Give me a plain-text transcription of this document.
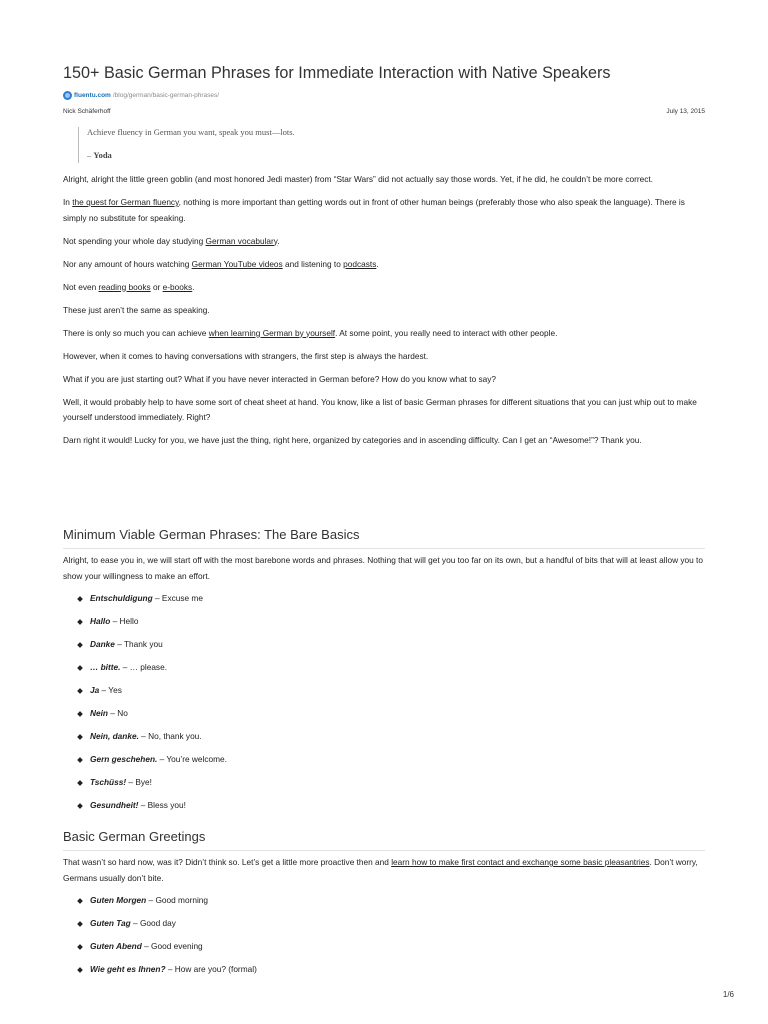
150+ Basic German Phrases for Immediate Interaction with Native Speakers
fluentu.com /blog/german/basic-german-phrases/
Nick Schäferhoff	July 13, 2015

Achieve fluency in German you want, speak you must—lots.

– Yoda

Alright, alright the little green goblin (and most honored Jedi master) from “Star Wars” did not actually say those words. Yet, if he did, he couldn’t be more correct.

In the quest for German fluency, nothing is more important than getting words out in front of other human beings (preferably those who also speak the language). There is simply no substitute for speaking.

Not spending your whole day studying German vocabulary.

Nor any amount of hours watching German YouTube videos and listening to podcasts.

Not even reading books or e-books.

These just aren’t the same as speaking.

There is only so much you can achieve when learning German by yourself. At some point, you really need to interact with other people.

However, when it comes to having conversations with strangers, the first step is always the hardest.

What if you are just starting out? What if you have never interacted in German before? How do you know what to say?

Well, it would probably help to have some sort of cheat sheet at hand. You know, like a list of basic German phrases for different situations that you can just whip out to make yourself understood immediately. Right?

Darn right it would! Lucky for you, we have just the thing, right here, organized by categories and in ascending difficulty. Can I get an “Awesome!”? Thank you.

Minimum Viable German Phrases: The Bare Basics

Alright, to ease you in, we will start off with the most barebone words and phrases. Nothing that will get you too far on its own, but a handful of bits that will at least allow you to show your willingness to make an effort.

Entschuldigung – Excuse me
Hallo – Hello
Danke – Thank you
… bitte. – … please.
Ja – Yes
Nein – No
Nein, danke. – No, thank you.
Gern geschehen. – You’re welcome.
Tschüss! – Bye!
Gesundheit! – Bless you!
Basic German Greetings

That wasn’t so hard now, was it? Didn’t think so. Let’s get a little more proactive then and learn how to make first contact and exchange some basic pleasantries. Don’t worry, Germans usually don’t bite.

Guten Morgen – Good morning
Guten Tag – Good day
Guten Abend – Good evening
Wie geht es Ihnen? – How are you? (formal)
1/6
